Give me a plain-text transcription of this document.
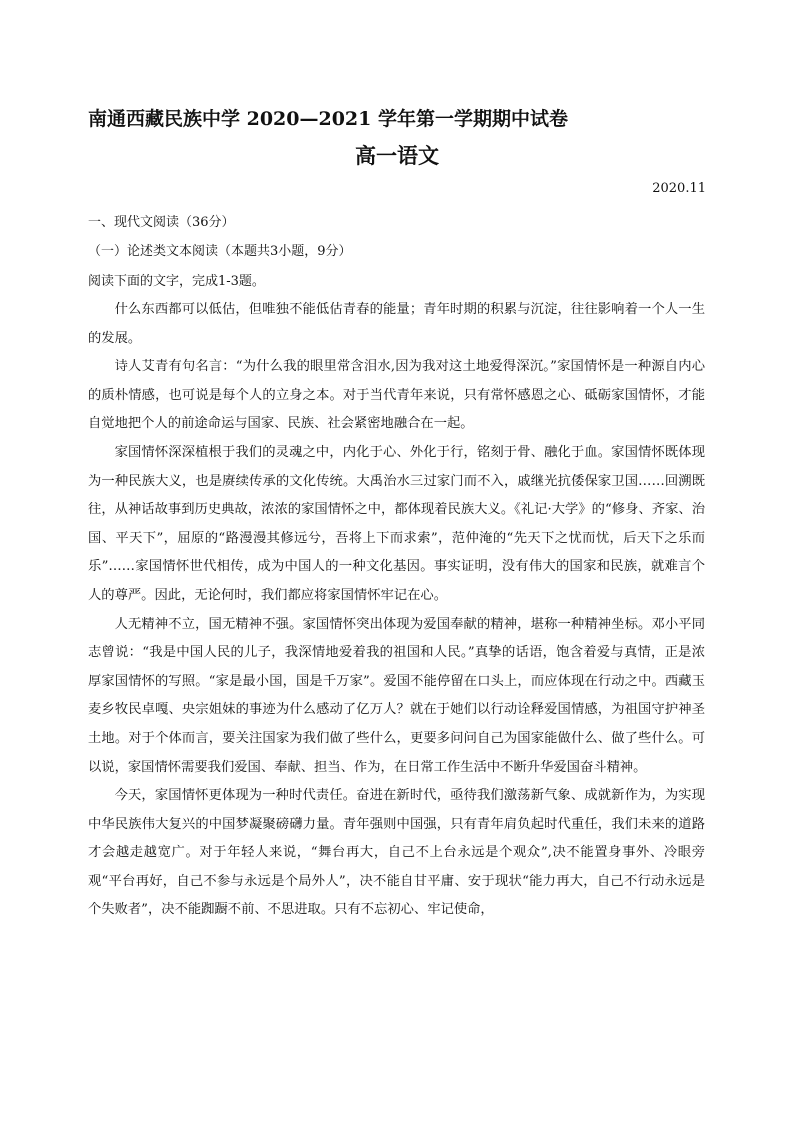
南通西藏民族中学 2020—2021 学年第一学期期中试卷
高一语文
2020.11
一、现代文阅读（36分）
（一）论述类文本阅读（本题共3小题，9分）
阅读下面的文字，完成1-3题。

什么东西都可以低估，但唯独不能低估青春的能量；青年时期的积累与沉淀，往往影响着一个人一生的发展。

诗人艾青有句名言：“为什么我的眼里常含泪水,因为我对这土地爱得深沉。”家国情怀是一种源自内心的质朴情感，也可说是每个人的立身之本。对于当代青年来说，只有常怀感恩之心、砥砺家国情怀，才能自觉地把个人的前途命运与国家、民族、社会紧密地融合在一起。

家国情怀深深植根于我们的灵魂之中，内化于心、外化于行，铭刻于骨、融化于血。家国情怀既体现为一种民族大义，也是赓续传承的文化传统。大禹治水三过家门而不入，戚继光抗倭保家卫国……回溯既往，从神话故事到历史典故，浓浓的家国情怀之中，都体现着民族大义。《礼记·大学》的“修身、齐家、治国、平天下”，屈原的“路漫漫其修远兮，吾将上下而求索”，范仲淹的“先天下之忧而忧，后天下之乐而乐”……家国情怀世代相传，成为中国人的一种文化基因。事实证明，没有伟大的国家和民族，就难言个人的尊严。因此，无论何时，我们都应将家国情怀牢记在心。

人无精神不立，国无精神不强。家国情怀突出体现为爱国奉献的精神，堪称一种精神坐标。邓小平同志曾说：“我是中国人民的儿子，我深情地爱着我的祖国和人民。”真挚的话语，饱含着爱与真情，正是浓厚家国情怀的写照。“家是最小国，国是千万家”。爱国不能停留在口头上，而应体现在行动之中。西藏玉麦乡牧民卓嘎、央宗姐妹的事迹为什么感动了亿万人？就在于她们以行动诠释爱国情感，为祖国守护神圣土地。对于个体而言，要关注国家为我们做了些什么，更要多问问自己为国家能做什么、做了些什么。可以说，家国情怀需要我们爱国、奉献、担当、作为，在日常工作生活中不断升华爱国奋斗精神。

今天，家国情怀更体现为一种时代责任。奋进在新时代，亟待我们激荡新气象、成就新作为，为实现中华民族伟大复兴的中国梦凝聚磅礴力量。青年强则中国强，只有青年肩负起时代重任，我们未来的道路才会越走越宽广。对于年轻人来说，“舞台再大，自己不上台永远是个观众”,决不能置身事外、冷眼旁观“平台再好，自己不参与永远是个局外人”，决不能自甘平庸、安于现状“能力再大，自己不行动永远是个失败者”，决不能踟蹰不前、不思进取。只有不忘初心、牢记使命，
